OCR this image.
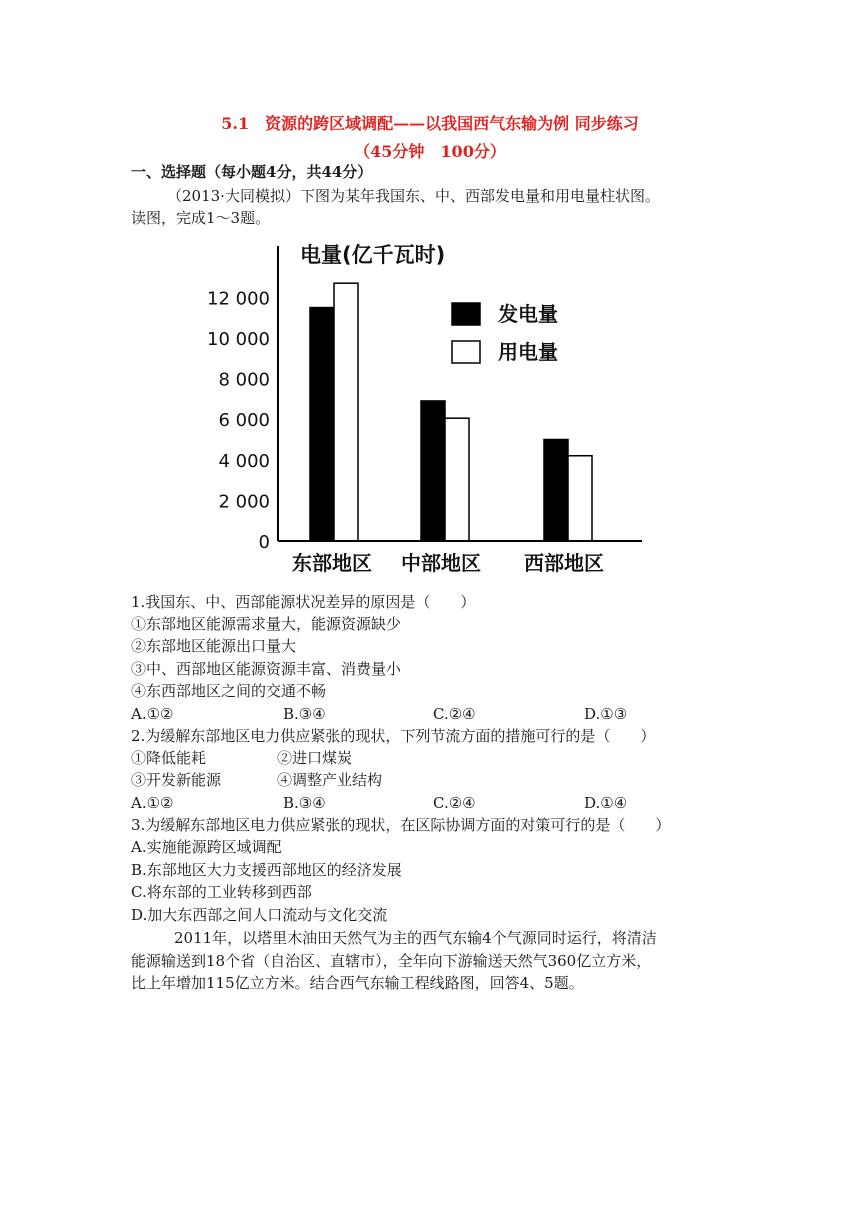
5.1　资源的跨区域调配——以我国西气东输为例 同步练习
（45分钟　100分）
一、选择题（每小题4分，共44分）
（2013·大同模拟）下图为某年我国东、中、西部发电量和用电量柱状图。
读图，完成1～3题。
电量(亿千瓦时)
0
2 000
4 000
6 000
8 000
10 000
12 000
东部地区 中部地区 西部地区
发电量
用电量
1.我国东、中、西部能源状况差异的原因是（　　）
①东部地区能源需求量大，能源资源缺少
②东部地区能源出口量大
③中、西部地区能源资源丰富、消费量小
④东西部地区之间的交通不畅
A.①②	B.③④	C.②④	D.①③
2.为缓解东部地区电力供应紧张的现状，下列节流方面的措施可行的是（　　）
①降低能耗	②进口煤炭
③开发新能源	④调整产业结构
A.①②	B.③④	C.②④	D.①④
3.为缓解东部地区电力供应紧张的现状，在区际协调方面的对策可行的是（　　）
A.实施能源跨区域调配
B.东部地区大力支援西部地区的经济发展
C.将东部的工业转移到西部
D.加大东西部之间人口流动与文化交流
2011年，以塔里木油田天然气为主的西气东输4个气源同时运行，将清洁
能源输送到18个省（自治区、直辖市），全年向下游输送天然气360亿立方米，
比上年增加115亿立方米。结合西气东输工程线路图，回答4、5题。
